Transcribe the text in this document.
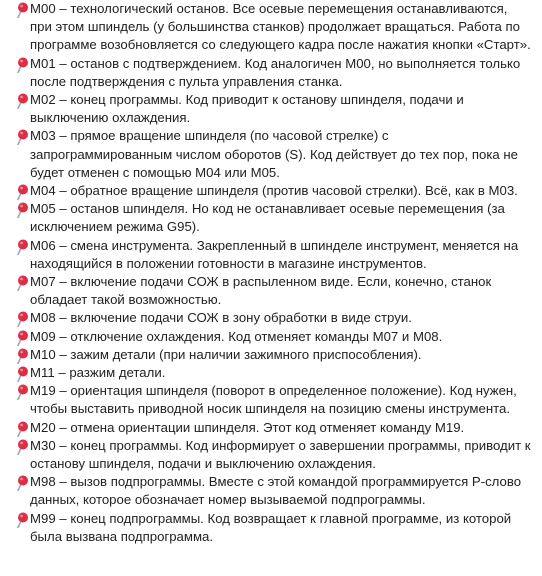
M00 – технологический останов. Все осевые перемещения останавливаются, при этом шпиндель (у большинства станков) продолжает вращаться. Работа по программе возобновляется со следующего кадра после нажатия кнопки «Старт».

M01 – останов с подтверждением. Код аналогичен M00, но выполняется только после подтверждения с пульта управления станка.

M02 – конец программы. Код приводит к останову шпинделя, подачи и выключению охлаждения.

M03 – прямое вращение шпинделя (по часовой стрелке) с запрограммированным числом оборотов (S). Код действует до тех пор, пока не будет отменен с помощью M04 или M05.

M04 – обратное вращение шпинделя (против часовой стрелки). Всё, как в M03.

M05 – останов шпинделя. Но код не останавливает осевые перемещения (за исключением режима G95).

M06 – смена инструмента. Закрепленный в шпинделе инструмент, меняется на находящийся в положении готовности в магазине инструментов.

M07 – включение подачи СОЖ в распыленном виде. Если, конечно, станок обладает такой возможностью.

M08 – включение подачи СОЖ в зону обработки в виде струи.

M09 – отключение охлаждения. Код отменяет команды M07 и M08.

M10 – зажим детали (при наличии зажимного приспособления).

M11 – разжим детали.

M19 – ориентация шпинделя (поворот в определенное положение). Код нужен, чтобы выставить приводной носик шпинделя на позицию смены инструмента.

M20 – отмена ориентации шпинделя. Этот код отменяет команду M19.

M30 – конец программы. Код информирует о завершении программы, приводит к останову шпинделя, подачи и выключению охлаждения.

M98 – вызов подпрограммы. Вместе с этой командой программируется P-слово данных, которое обозначает номер вызываемой подпрограммы.

M99 – конец подпрограммы. Код возвращает к главной программе, из которой была вызвана подпрограмма.
